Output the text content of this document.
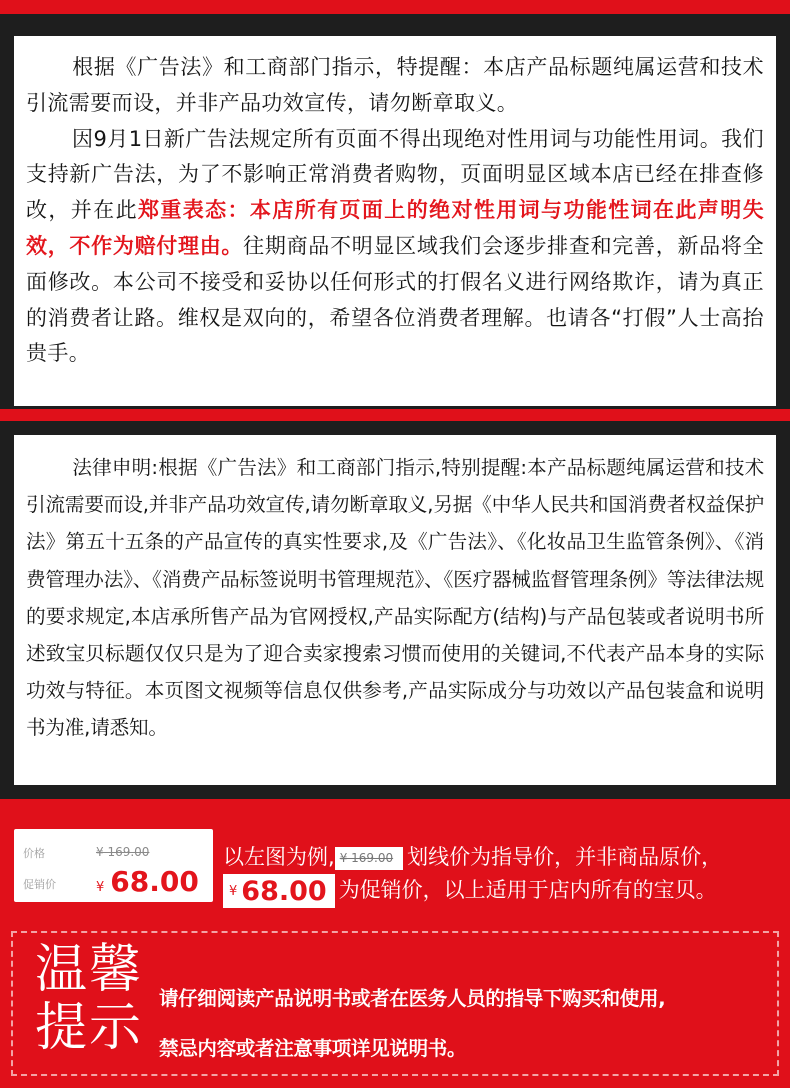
根据《广告法》和工商部门指示，特提醒：本店产品标题纯属运营和技术引流需要而设，并非产品功效宣传，请勿断章取义。

因9月1日新广告法规定所有页面不得出现绝对性用词与功能性用词。我们支持新广告法，为了不影响正常消费者购物，页面明显区域本店已经在排查修改，并在此郑重表态：本店所有页面上的绝对性用词与功能性词在此声明失效，不作为赔付理由。往期商品不明显区域我们会逐步排查和完善，新品将全面修改。本公司不接受和妥协以任何形式的打假名义进行网络欺诈，请为真正的消费者让路。维权是双向的，希望各位消费者理解。也请各“打假”人士高抬贵手。

法律申明:根据《广告法》和工商部门指示,特别提醒:本产品标题纯属运营和技术引流需要而设,并非产品功效宣传,请勿断章取义,另据《中华人民共和国消费者权益保护法》第五十五条的产品宣传的真实性要求,及《广告法》、《化妆品卫生监管条例》、《消费管理办法》、《消费产品标签说明书管理规范》、《医疗器械监督管理条例》等法律法规的要求规定,本店承所售产品为官网授权,产品实际配方(结构)与产品包装或者说明书所述致宝贝标题仅仅只是为了迎合卖家搜索习惯而使用的关键词,不代表产品本身的实际功效与特征。本页图文视频等信息仅供参考,产品实际成分与功效以产品包装盒和说明书为准,请悉知。

价格
促销价
¥ 169.00
¥ 68.00
以左图为例, ¥ 169.00 划线价为指导价，并非商品原价，
¥ 68.00 为促销价，以上适用于店内所有的宝贝。
温馨提示 请仔细阅读产品说明书或者在医务人员的指导下购买和使用,
禁忌内容或者注意事项详见说明书。
